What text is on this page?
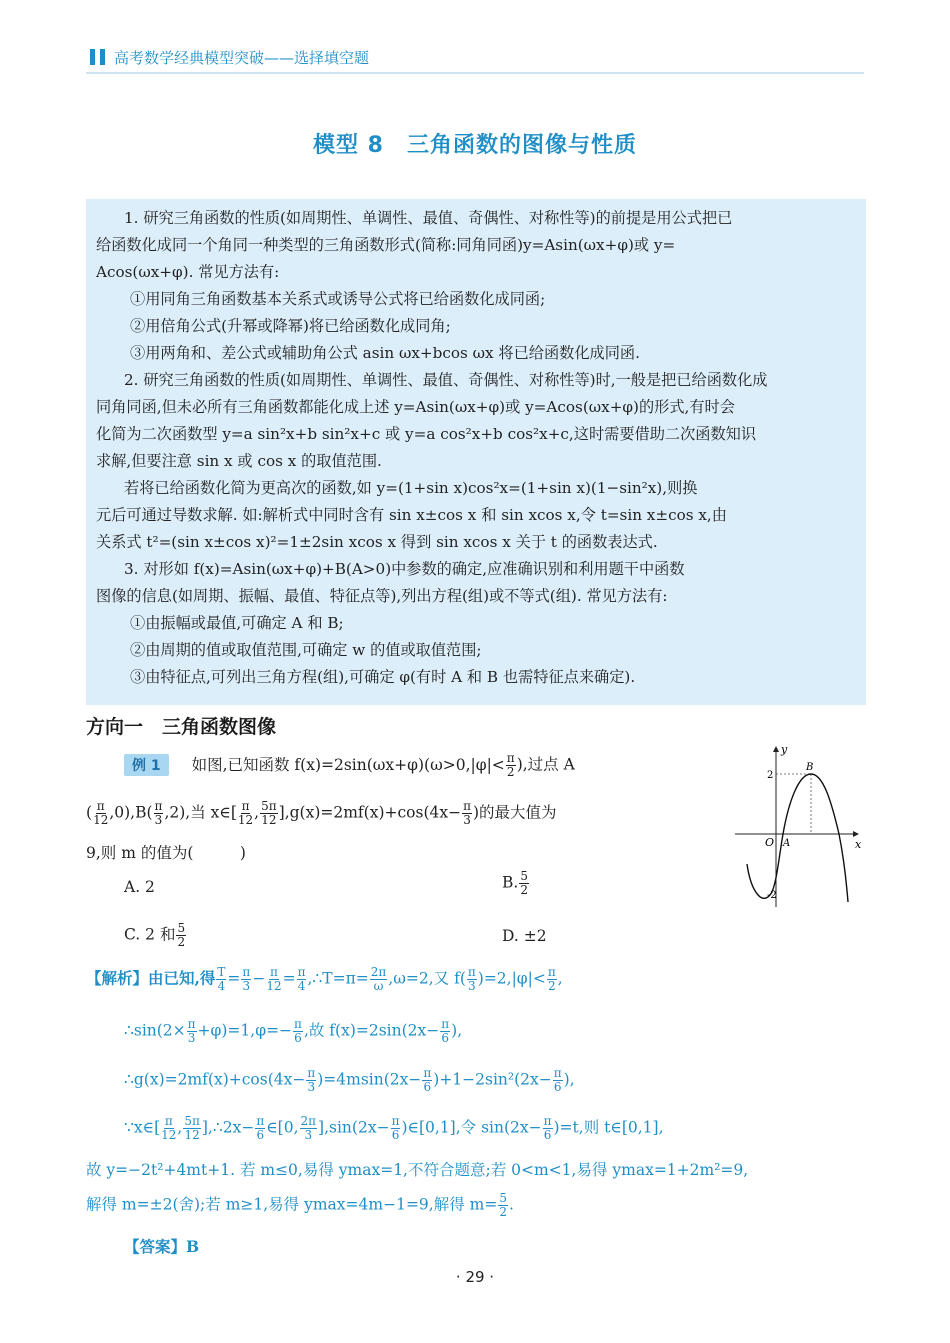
高考数学经典模型突破——选择填空题
模型 8　三角函数的图像与性质

1. 研究三角函数的性质(如周期性、单调性、最值、奇偶性、对称性等)的前提是用公式把已

给函数化成同一个角同一种类型的三角函数形式(简称:同角同函)y=Asin(ωx+φ)或 y=

Acos(ωx+φ). 常见方法有:

①用同角三角函数基本关系式或诱导公式将已给函数化成同函;

②用倍角公式(升幂或降幂)将已给函数化成同角;

③用两角和、差公式或辅助角公式 asin ωx+bcos ωx 将已给函数化成同函.

2. 研究三角函数的性质(如周期性、单调性、最值、奇偶性、对称性等)时,一般是把已给函数化成

同角同函,但未必所有三角函数都能化成上述 y=Asin(ωx+φ)或 y=Acos(ωx+φ)的形式,有时会

化简为二次函数型 y=a sin²x+b sin²x+c 或 y=a cos²x+b cos²x+c,这时需要借助二次函数知识

求解,但要注意 sin x 或 cos x 的取值范围.

若将已给函数化简为更高次的函数,如 y=(1+sin x)cos²x=(1+sin x)(1−sin²x),则换

元后可通过导数求解. 如:解析式中同时含有 sin x±cos x 和 sin xcos x,令 t=sin x±cos x,由

关系式 t²=(sin x±cos x)²=1±2sin xcos x 得到 sin xcos x 关于 t 的函数表达式.

3. 对形如 f(x)=Asin(ωx+φ)+B(A>0)中参数的确定,应准确识别和利用题干中函数

图像的信息(如周期、振幅、最值、特征点等),列出方程(组)或不等式(组). 常见方法有:

①由振幅或最值,可确定 A 和 B;

②由周期的值或取值范围,可确定 w 的值或取值范围;

③由特征点,可列出三角方程(组),可确定 φ(有时 A 和 B 也需特征点来确定).

方向一　三角函数图像
例 1 如图,已知函数 $f(x)=2\sin(\omega x+\varphi)(\omega>0,|\varphi|< \frac{\pi}{2}$ ),过点 A
( $\frac{\pi}{12} ,0),B( \frac{\pi}{3} ,2)$,当 x∈[ $\frac{\pi}{12}$ , $\frac{5\pi}{12} ],g(x)=2mf(x)+\cos(4x- \frac{\pi}{3}$ )的最大值为
9,则 m 的值为(　　　)
A. 2	B. $\frac{5}{2}$
C. 2 和 $\frac{5}{2}$	D. ±2
y
x
O A
B
2
-2
【解析】由已知,得 $\frac{T}{4} = \frac{\pi}{3} - \frac{\pi}{12} = \frac{\pi}{4}$ ,∴T=π= $\frac{2\pi}{\omega} ,\omega=2$,又 $f( \frac{\pi}{3} )=2,|\varphi|< \frac{\pi}{2}$ ,
∴sin(2× $\frac{\pi}{3} +\varphi)=1,\varphi=- \frac{\pi}{6}$ ,故 $f(x)=2\sin(2x- \frac{\pi}{6}$ ),
∴g(x)=2mf(x)+cos(4x− $\frac{\pi}{3} )=4msin(2x- \frac{\pi}{6} )+1-2\sin^2(2x- \frac{\pi}{6}$ ),
∵x∈[ $\frac{\pi}{12}$ , $\frac{5\pi}{12}$ ],∴2x− $\frac{\pi}{6}$ ∈[0, $\frac{2\pi}{3} ],\sin(2x- \frac{\pi}{6}$ )∈[0,1],令 $\sin(2x- \frac{\pi}{6} )=t$,则 t∈[0,1],
故 y=−2t²+4mt+1. 若 m≤0,易得 ymax=1,不符合题意;若 0<m<1,易得 ymax=1+2m²=9,
解得 m=±2(舍);若 m≥1,易得 ymax=4m−1=9,解得 $m= \frac{5}{2}$ .
【答案】B
· 29 ·
